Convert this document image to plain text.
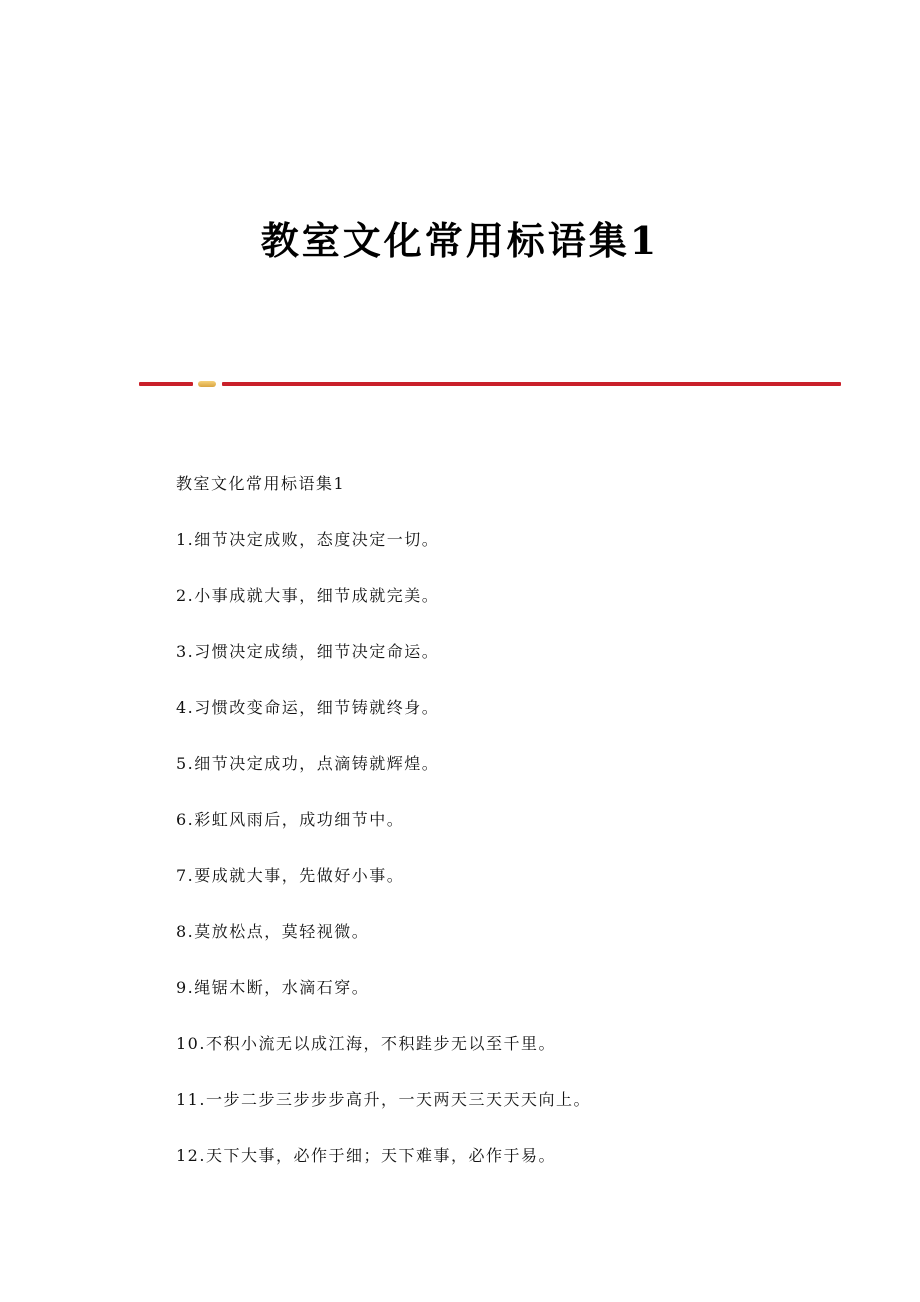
教室文化常用标语集1
教室文化常用标语集1
1.细节决定成败，态度决定一切。
2.小事成就大事，细节成就完美。
3.习惯决定成绩，细节决定命运。
4.习惯改变命运，细节铸就终身。
5.细节决定成功，点滴铸就辉煌。
6.彩虹风雨后，成功细节中。
7.要成就大事，先做好小事。
8.莫放松点，莫轻视微。
9.绳锯木断，水滴石穿。
10.不积小流无以成江海，不积跬步无以至千里。
11.一步二步三步步步高升，一天两天三天天天向上。
12.天下大事，必作于细；天下难事，必作于易。
